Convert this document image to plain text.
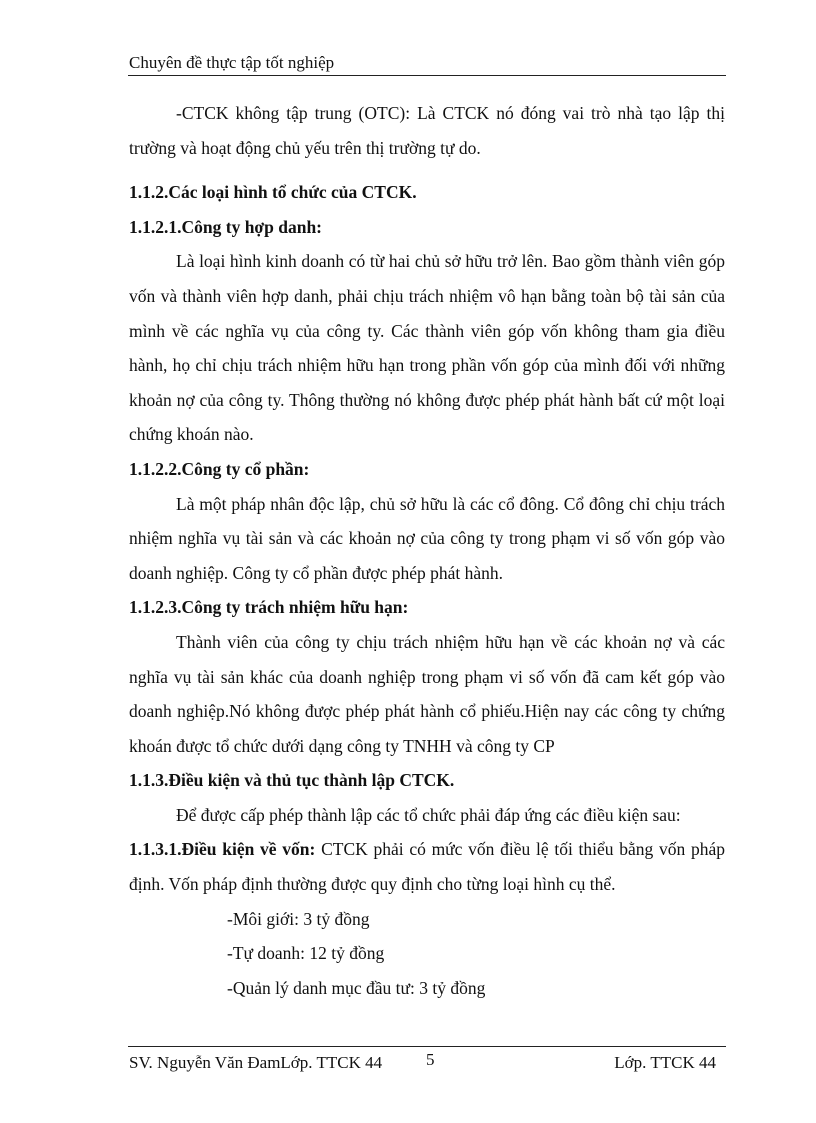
Chuyên đề thực tập tốt nghiệp

-CTCK không tập trung (OTC): Là CTCK nó đóng vai trò nhà tạo lập thị trường và hoạt động chủ yếu trên thị trường tự do.

1.1.2.Các loại hình tổ chức của CTCK.

1.1.2.1.Công ty hợp danh:

Là loại hình kinh doanh có từ hai chủ sở hữu trở lên. Bao gồm thành viên góp vốn và thành viên hợp danh, phải chịu trách nhiệm vô hạn bằng toàn bộ tài sản của mình về các nghĩa vụ của công ty. Các thành viên góp vốn không tham gia điều hành, họ chỉ chịu trách nhiệm hữu hạn trong phần vốn góp của mình đối với những khoản nợ của công ty. Thông thường nó không được phép phát hành bất cứ một loại chứng khoán nào.

1.1.2.2.Công ty cổ phần:

Là một pháp nhân độc lập, chủ sở hữu là các cổ đông. Cổ đông chỉ chịu trách nhiệm nghĩa vụ tài sản và các khoản nợ của công ty trong phạm vi số vốn góp vào doanh nghiệp. Công ty cổ phần được phép phát hành.

1.1.2.3.Công ty trách nhiệm hữu hạn:

Thành viên của công ty chịu trách nhiệm hữu hạn về các khoản nợ và các nghĩa vụ tài sản khác của doanh nghiệp trong phạm vi số vốn đã cam kết góp vào doanh nghiệp.Nó không được phép phát hành cổ phiếu.Hiện nay các công ty chứng khoán được tổ chức dưới dạng công ty TNHH và công ty CP

1.1.3.Điều kiện và thủ tục thành lập CTCK.

Để được cấp phép thành lập các tổ chức phải đáp ứng các điều kiện sau:

1.1.3.1.Điều kiện về vốn: CTCK phải có mức vốn điều lệ tối thiểu bằng vốn pháp định. Vốn pháp định thường được quy định cho từng loại hình cụ thể.

-Môi giới: 3 tỷ đồng

-Tự doanh: 12 tỷ đồng

-Quản lý danh mục đầu tư: 3 tỷ đồng

SV. Nguyễn Văn ĐamLớp. TTCK 44	5	Lớp. TTCK 44
